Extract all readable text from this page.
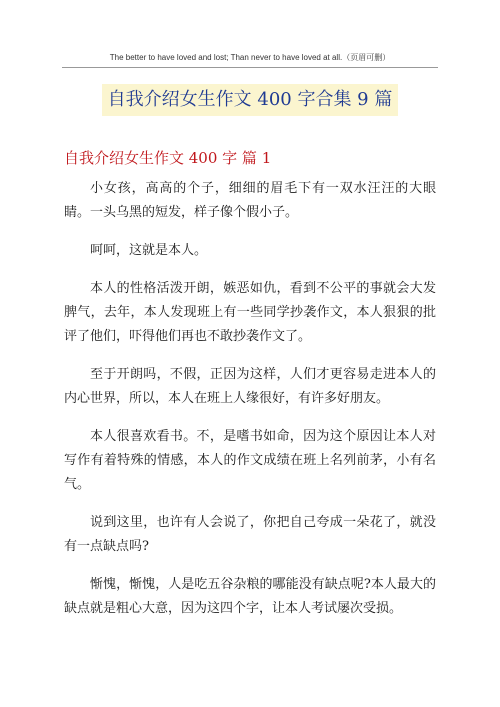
The better to have loved and lost; Than never to have loved at all.（页眉可删）
自我介绍女生作文 400 字合集 9 篇
自我介绍女生作文 400 字 篇 1

小女孩，高高的个子，细细的眉毛下有一双水汪汪的大眼睛。一头乌黑的短发，样子像个假小子。

呵呵，这就是本人。

本人的性格活泼开朗，嫉恶如仇，看到不公平的事就会大发脾气，去年，本人发现班上有一些同学抄袭作文，本人狠狠的批评了他们，吓得他们再也不敢抄袭作文了。

至于开朗吗，不假，正因为这样，人们才更容易走进本人的内心世界，所以，本人在班上人缘很好，有许多好朋友。

本人很喜欢看书。不，是嗜书如命，因为这个原因让本人对写作有着特殊的情感，本人的作文成绩在班上名列前茅，小有名气。

说到这里，也许有人会说了，你把自己夸成一朵花了，就没有一点缺点吗?

惭愧，惭愧，人是吃五谷杂粮的哪能没有缺点呢?本人最大的缺点就是粗心大意，因为这四个字，让本人考试屡次受损。
